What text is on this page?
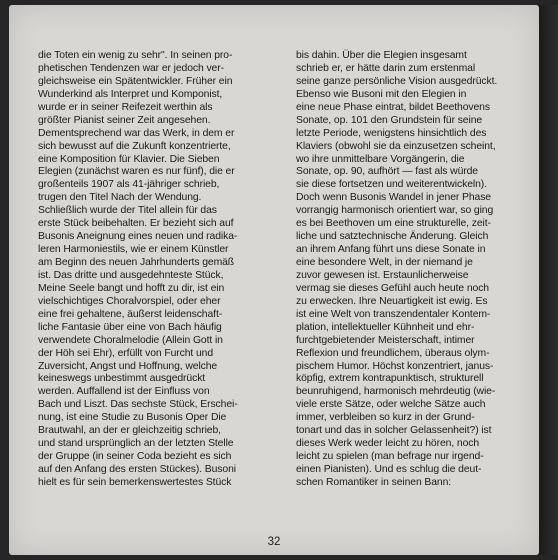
die Toten ein wenig zu sehr". In seinen pro-
phetischen Tendenzen war er jedoch ver-
gleichsweise ein Spätentwickler. Früher ein
Wunderkind als Interpret und Komponist,
wurde er in seiner Reifezeit werthin als
größter Pianist seiner Zeit angesehen.
Dementsprechend war das Werk, in dem er
sich bewusst auf die Zukunft konzentrierte,
eine Komposition für Klavier. Die Sieben
Elegien (zunächst waren es nur fünf), die er
großenteils 1907 als 41-jähriger schrieb,
trugen den Titel Nach der Wendung.
Schließlich wurde der Titel allein für das
erste Stück beibehalten. Er bezieht sich auf
Busonis Aneignung eines neuen und radika-
leren Harmoniestils, wie er einem Künstler
am Beginn des neuen Jahrhunderts gemäß
ist. Das dritte und ausgedehnteste Stück,
Meine Seele bangt und hofft zu dir, ist ein
vielschichtiges Choralvorspiel, oder eher
eine frei gehaltene, äußerst leidenschaft-
liche Fantasie über eine von Bach häufig
verwendete Choralmelodie (Allein Gott in
der Höh sei Ehr), erfüllt von Furcht und
Zuversicht, Angst und Hoffnung, welche
keineswegs unbestimmt ausgedrückt
werden. Auffallend ist der Einfluss von
Bach und Liszt. Das sechste Stück, Erschei-
nung, ist eine Studie zu Busonis Oper Die
Brautwahl, an der er gleichzeitig schrieb,
und stand ursprünglich an der letzten Stelle
der Gruppe (in seiner Coda bezieht es sich
auf den Anfang des ersten Stückes). Busoni
hielt es für sein bemerkenswertestes Stück
bis dahin. Über die Elegien insgesamt
schrieb er, er hätte darin zum erstenmal
seine ganze persönliche Vision ausgedrückt.
Ebenso wie Busoni mit den Elegien in
eine neue Phase eintrat, bildet Beethovens
Sonate, op. 101 den Grundstein für seine
letzte Periode, wenigstens hinsichtlich des
Klaviers (obwohl sie da einzusetzen scheint,
wo ihre unmittelbare Vorgängerin, die
Sonate, op. 90, aufhört — fast als würde
sie diese fortsetzen und weiterentwickeln).
Doch wenn Busonis Wandel in jener Phase
vorrangig harmonisch orientiert war, so ging
es bei Beethoven um eine strukturelle, zeit-
liche und satztechnische Änderung. Gleich
an ihrem Anfang führt uns diese Sonate in
eine besondere Welt, in der niemand je
zuvor gewesen ist. Erstaunlicherweise
vermag sie dieses Gefühl auch heute noch
zu erwecken. Ihre Neuartigkeit ist ewig. Es
ist eine Welt von transzendentaler Kontem-
plation, intellektueller Kühnheit und ehr-
furchtgebietender Meisterschaft, intimer
Reflexion und freundlichem, überaus olym-
pischem Humor. Höchst konzentriert, janus-
köpfig, extrem kontrapunktisch, strukturell
beunruhigend, harmonisch mehrdeutig (wie-
viele erste Sätze, oder welche Sätze auch
immer, verbleiben so kurz in der Grund-
tonart und das in solcher Gelassenheit?) ist
dieses Werk weder leicht zu hören, noch
leicht zu spielen (man befrage nur irgend-
einen Pianisten). Und es schlug die deut-
schen Romantiker in seinen Bann:
32
